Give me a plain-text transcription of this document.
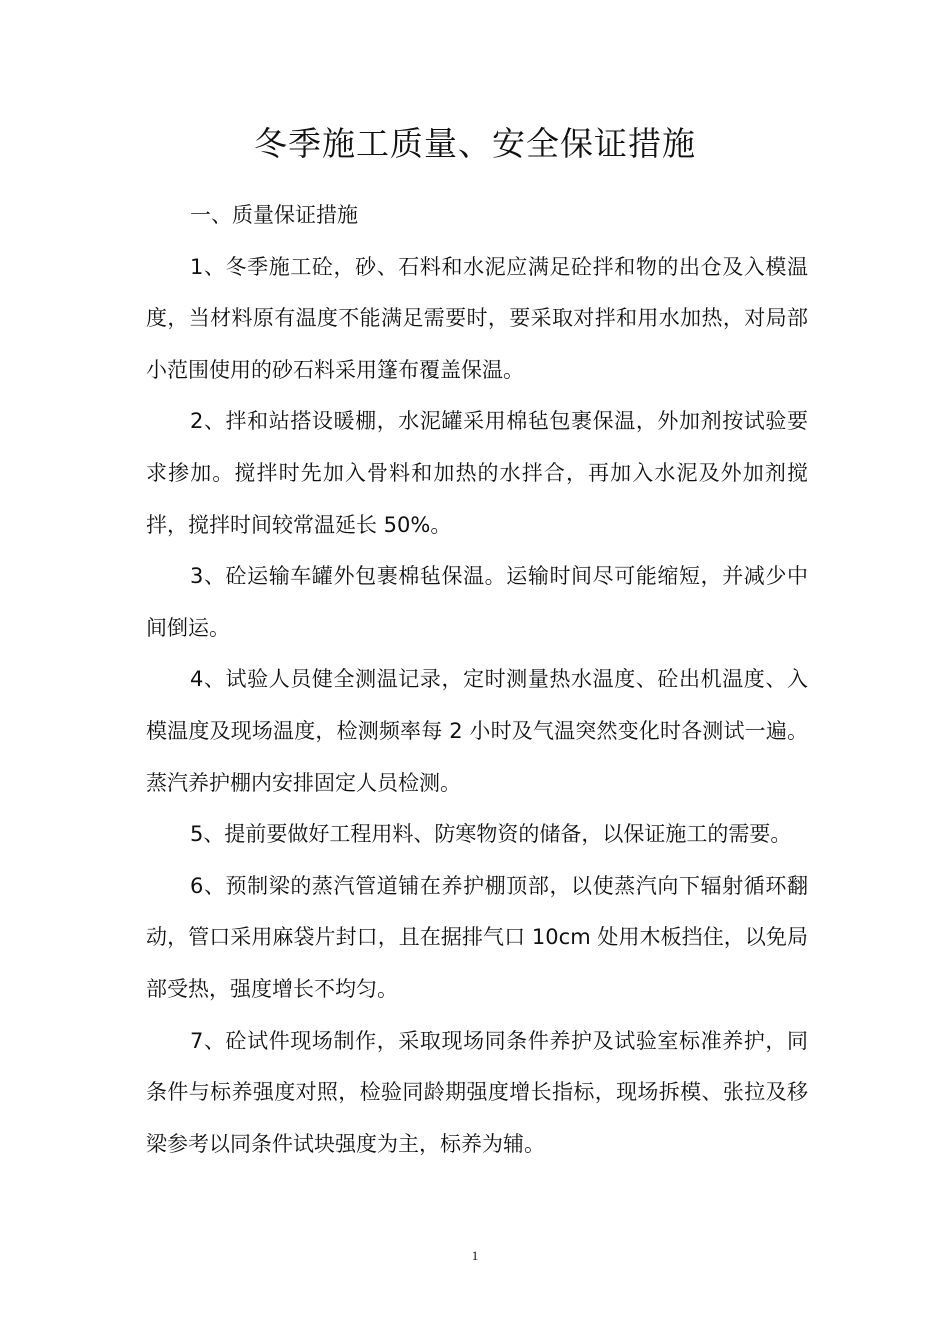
冬季施工质量、安全保证措施

一、质量保证措施

1、冬季施工砼，砂、石料和水泥应满足砼拌和物的出仓及入模温度，当材料原有温度不能满足需要时，要采取对拌和用水加热，对局部小范围使用的砂石料采用篷布覆盖保温。

2、拌和站搭设暖棚，水泥罐采用棉毡包裹保温，外加剂按试验要求掺加。搅拌时先加入骨料和加热的水拌合，再加入水泥及外加剂搅拌，搅拌时间较常温延长 50%。

3、砼运输车罐外包裹棉毡保温。运输时间尽可能缩短，并减少中间倒运。

4、试验人员健全测温记录，定时测量热水温度、砼出机温度、入模温度及现场温度，检测频率每 2 小时及气温突然变化时各测试一遍。蒸汽养护棚内安排固定人员检测。

5、提前要做好工程用料、防寒物资的储备，以保证施工的需要。

6、预制梁的蒸汽管道铺在养护棚顶部，以使蒸汽向下辐射循环翻动，管口采用麻袋片封口，且在据排气口 10cm 处用木板挡住，以免局部受热，强度增长不均匀。

7、砼试件现场制作，采取现场同条件养护及试验室标准养护，同条件与标养强度对照，检验同龄期强度增长指标，现场拆模、张拉及移梁参考以同条件试块强度为主，标养为辅。

1
